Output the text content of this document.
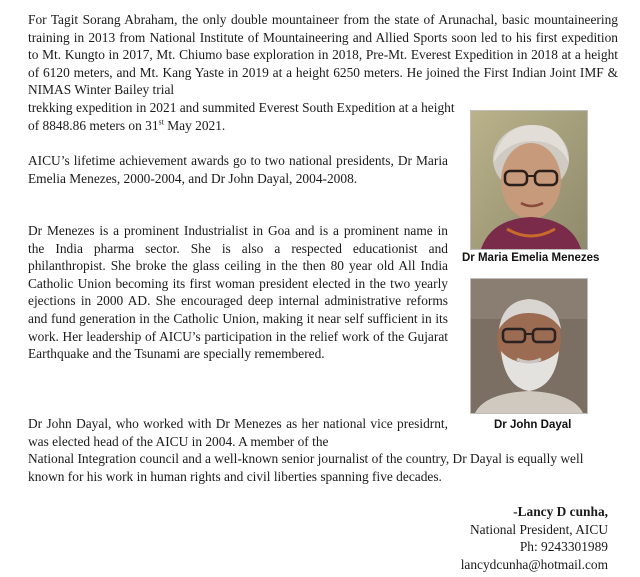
For Tagit Sorang Abraham, the only double mountaineer from the state of Arunachal, basic mountaineering training in 2013 from National Institute of Mountaineering and Allied Sports soon led to his first expedition to Mt. Kungto in 2017, Mt. Chiumo base exploration in 2018, Pre-Mt. Everest Expedition in 2018 at a height of 6120 meters, and Mt. Kang Yaste in 2019 at a height 6250 meters. He joined the First Indian Joint IMF & NIMAS Winter Bailey trial
trekking expedition in 2021 and summited Everest South Expedition at a height of 8848.86 meters on 31st May 2021.

AICU’s lifetime achievement awards go to two national presidents, Dr Maria Emelia Menezes, 2000-2004, and Dr John Dayal, 2004-2008.

Dr Menezes is a prominent Industrialist in Goa and is a prominent name in the India pharma sector. She is also a respected educationist and philanthropist. She broke the glass ceiling in the then 80 year old All India Catholic Union becoming its first woman president elected in the two yearly ejections in 2000 AD. She encouraged deep internal administrative reforms and fund generation in the Catholic Union, making it near self sufficient in its work. Her leadership of AICU’s participation in the relief work of the Gujarat Earthquake and the Tsunami are specially remembered.

Dr John Dayal, who worked with Dr Menezes as her national vice presidrnt, was elected head of the AICU in 2004. A member of the
National Integration council and a well-known senior journalist of the country, Dr Dayal is equally well known for his work in human rights and civil liberties spanning five decades.

Dr Maria Emelia Menezes
Dr John Dayal
-Lancy D cunha,
National President, AICU
Ph: 9243301989
lancydcunha@hotmail.com
